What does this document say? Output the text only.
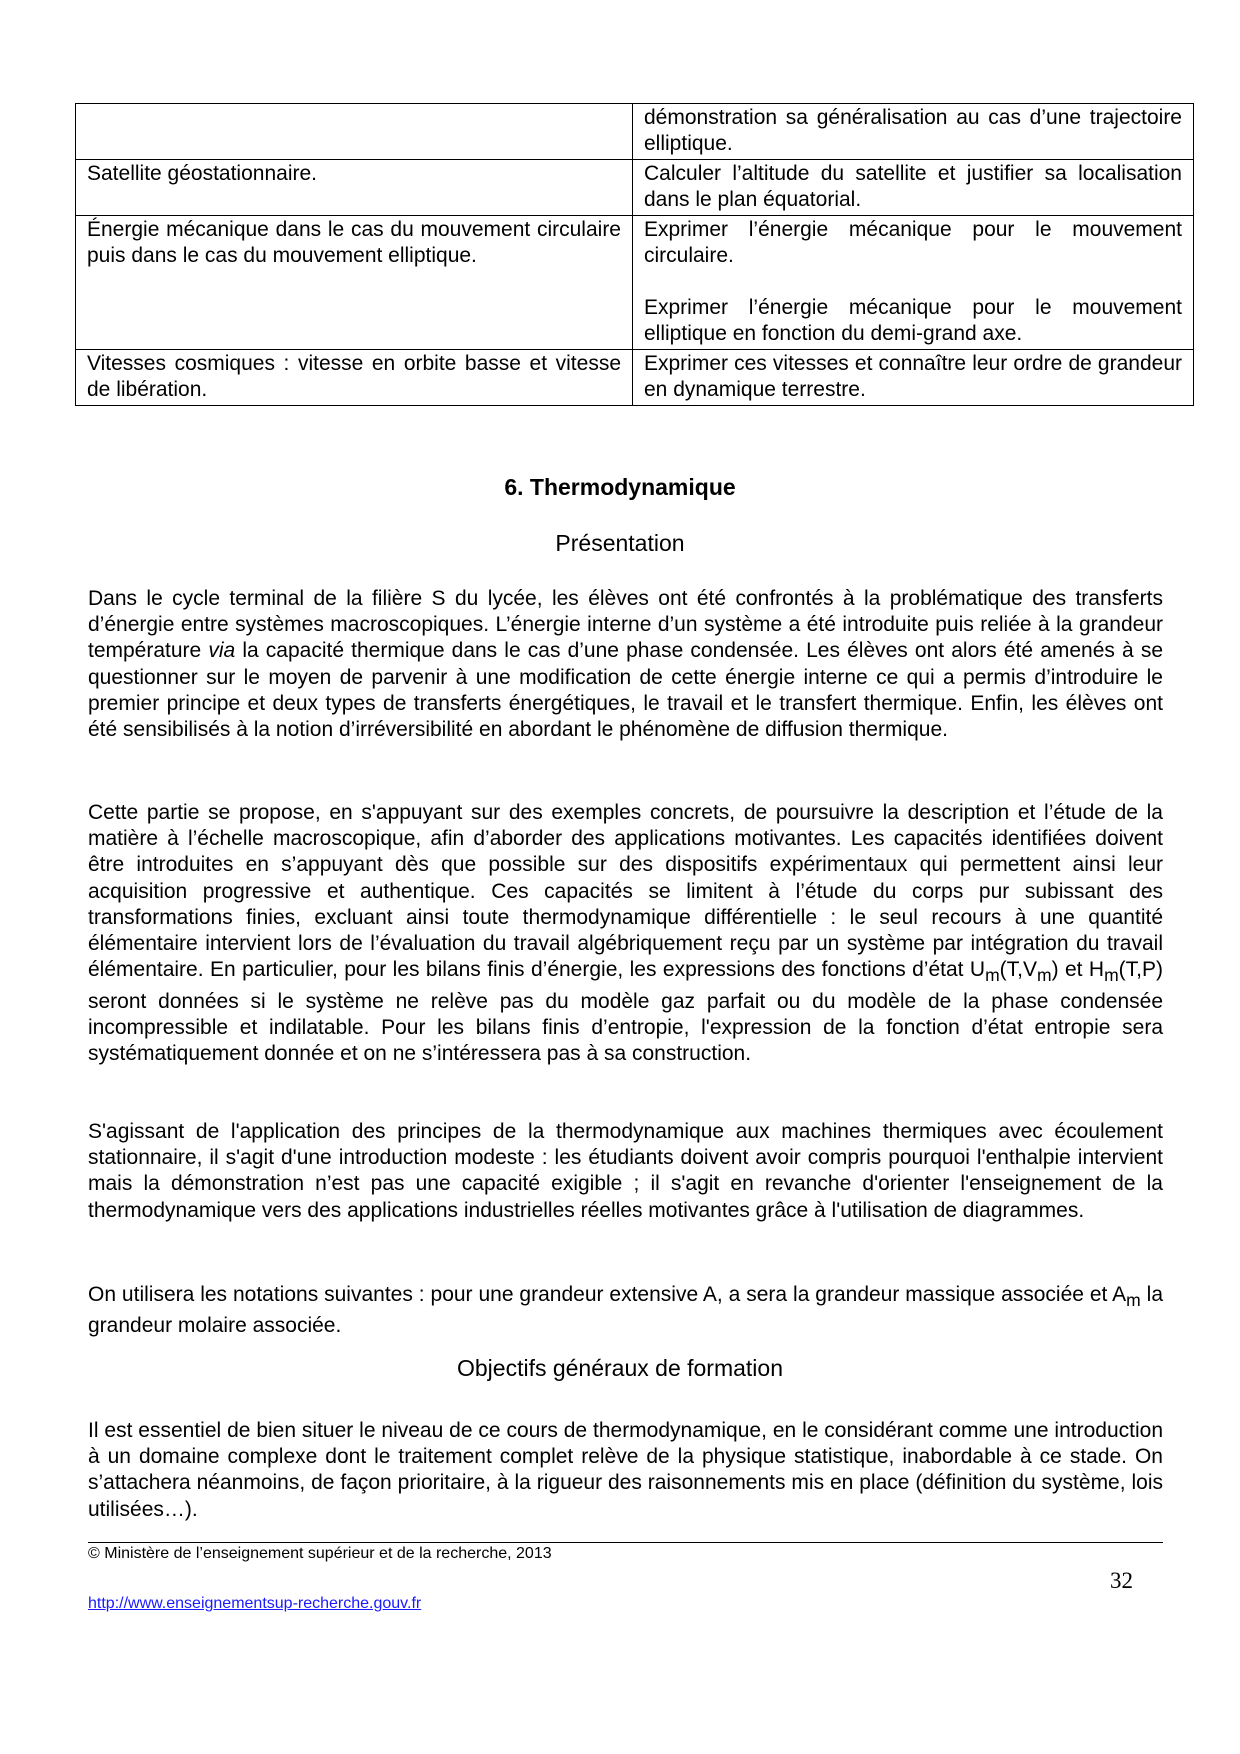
	démonstration sa généralisation au cas d’une trajectoire elliptique.
Satellite géostationnaire.	Calculer l’altitude du satellite et justifier sa localisation dans le plan équatorial.
Énergie mécanique dans le cas du mouvement circulaire puis dans le cas du mouvement elliptique.	Exprimer l’énergie mécanique pour le mouvement circulaire.
Exprimer l’énergie mécanique pour le mouvement elliptique en fonction du demi-grand axe.

Vitesses cosmiques : vitesse en orbite basse et vitesse de libération.	Exprimer ces vitesses et connaître leur ordre de grandeur en dynamique terrestre.
6. Thermodynamique
Présentation

Dans le cycle terminal de la filière S du lycée, les élèves ont été confrontés à la problématique des transferts d’énergie entre systèmes macroscopiques. L’énergie interne d’un système a été introduite puis reliée à la grandeur température via la capacité thermique dans le cas d’une phase condensée. Les élèves ont alors été amenés à se questionner sur le moyen de parvenir à une modification de cette énergie interne ce qui a permis d’introduire le premier principe et deux types de transferts énergétiques, le travail et le transfert thermique. Enfin, les élèves ont été sensibilisés à la notion d’irréversibilité en abordant le phénomène de diffusion thermique.

Cette partie se propose, en s'appuyant sur des exemples concrets, de poursuivre la description et l’étude de la matière à l’échelle macroscopique, afin d’aborder des applications motivantes. Les capacités identifiées doivent être introduites en s’appuyant dès que possible sur des dispositifs expérimentaux qui permettent ainsi leur acquisition progressive et authentique. Ces capacités se limitent à l’étude du corps pur subissant des transformations finies, excluant ainsi toute thermodynamique différentielle : le seul recours à une quantité élémentaire intervient lors de l’évaluation du travail algébriquement reçu par un système par intégration du travail élémentaire. En particulier, pour les bilans finis d’énergie, les expressions des fonctions d’état $U_m(T,V_m)$ et $H_m(T,P)$ seront données si le système ne relève pas du modèle gaz parfait ou du modèle de la phase condensée incompressible et indilatable. Pour les bilans finis d’entropie, l'expression de la fonction d’état entropie sera systématiquement donnée et on ne s’intéressera pas à sa construction.

S'agissant de l'application des principes de la thermodynamique aux machines thermiques avec écoulement stationnaire, il s'agit d'une introduction modeste : les étudiants doivent avoir compris pourquoi l'enthalpie intervient mais la démonstration n’est pas une capacité exigible ; il s'agit en revanche d'orienter l'enseignement de la thermodynamique vers des applications industrielles réelles motivantes grâce à l'utilisation de diagrammes.

On utilisera les notations suivantes : pour une grandeur extensive A, a sera la grandeur massique associée et $A_m$ la grandeur molaire associée.

Objectifs généraux de formation

Il est essentiel de bien situer le niveau de ce cours de thermodynamique, en le considérant comme une introduction à un domaine complexe dont le traitement complet relève de la physique statistique, inabordable à ce stade. On s’attachera néanmoins, de façon prioritaire, à la rigueur des raisonnements mis en place (définition du système, lois utilisées…).

© Ministère de l’enseignement supérieur et de la recherche, 2013
32
http://www.enseignementsup-recherche.gouv.fr
